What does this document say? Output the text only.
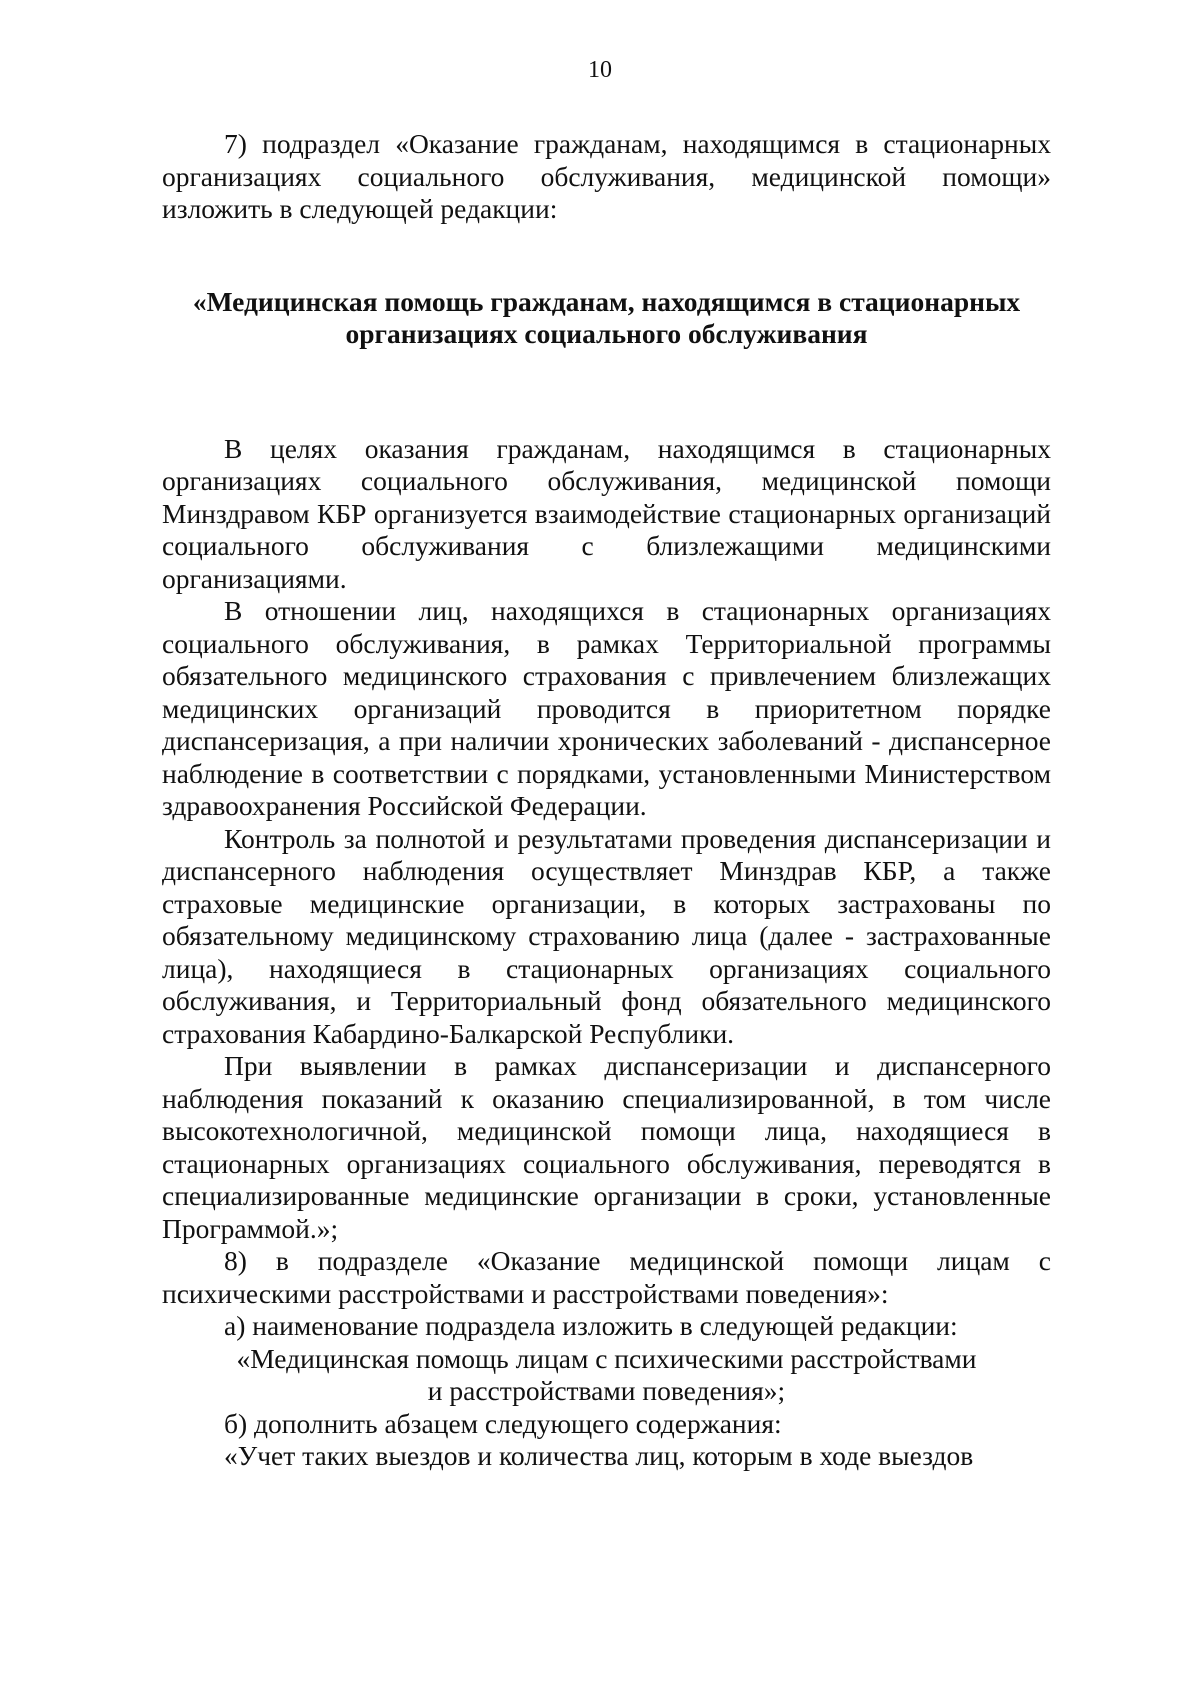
10

7) подраздел «Оказание гражданам, находящимся в стационарных организациях социального обслуживания, медицинской помощи» изложить в следующей редакции:

«Медицинская помощь гражданам, находящимся в стационарных

организациях социального обслуживания

В целях оказания гражданам, находящимся в стационарных организациях социального обслуживания, медицинской помощи Минздравом КБР организуется взаимодействие стационарных организаций социального обслуживания с близлежащими медицинскими организациями.

В отношении лиц, находящихся в стационарных организациях социального обслуживания, в рамках Территориальной программы обязательного медицинского страхования с привлечением близлежащих медицинских организаций проводится в приоритетном порядке диспансеризация, а при наличии хронических заболеваний - диспансерное наблюдение в соответствии с порядками, установленными Министерством здравоохранения Российской Федерации.

Контроль за полнотой и результатами проведения диспансеризации и диспансерного наблюдения осуществляет Минздрав КБР, а также страховые медицинские организации, в которых застрахованы по обязательному медицинскому страхованию лица (далее - застрахованные лица), находящиеся в стационарных организациях социального обслуживания, и Территориальный фонд обязательного медицинского страхования Кабардино-Балкарской Республики.

При выявлении в рамках диспансеризации и диспансерного наблюдения показаний к оказанию специализированной, в том числе высокотехнологичной, медицинской помощи лица, находящиеся в стационарных организациях социального обслуживания, переводятся в специализированные медицинские организации в сроки, установленные Программой.»;

8) в подразделе «Оказание медицинской помощи лицам с психическими расстройствами и расстройствами поведения»:

а) наименование подраздела изложить в следующей редакции:

«Медицинская помощь лицам с психическими расстройствами

и расстройствами поведения»;

б) дополнить абзацем следующего содержания:

«Учет таких выездов и количества лиц, которым в ходе выездов
